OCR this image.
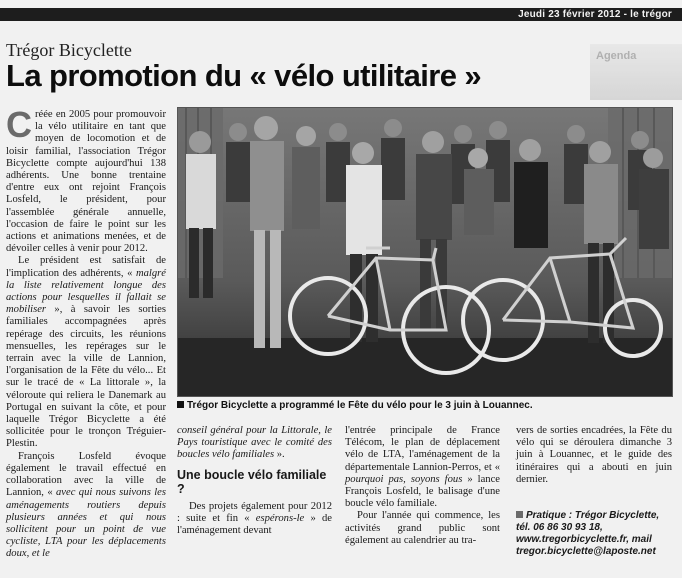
Jeudi 23 février 2012 - le trégor
Agenda
Trégor Bicyclette
La promotion du « vélo utilitaire »

Créée en 2005 pour promouvoir la vélo utilitaire en tant que moyen de locomotion et de loisir familial, l'association Trégor Bicyclette compte aujourd'hui 138 adhérents. Une bonne trentaine d'entre eux ont rejoint François Losfeld, le président, pour l'assemblée générale annuelle, l'occasion de faire le point sur les actions et animations menées, et de dévoiler celles à venir pour 2012.

Le président est satisfait de l'implication des adhérents, « malgré la liste relativement longue des actions pour lesquelles il fallait se mobiliser », à savoir les sorties familiales accompagnées après repérage des circuits, les réunions mensuelles, les repérages sur le terrain avec la ville de Lannion, l'organisation de la Fête du vélo... Et sur le tracé de « La littorale », la véloroute qui reliera le Danemark au Portugal en suivant la côte, et pour laquelle Trégor Bicyclette a été sollicitée pour le tronçon Tréguier-Plestin.

François Losfeld évoque également le travail effectué en collaboration avec la ville de Lannion, « avec qui nous suivons les aménagements routiers depuis plusieurs années et qui nous sollicitent pour un point de vue cycliste, LTA pour les déplacements doux, et le

Trégor Bicyclette a programmé le Fête du vélo pour le 3 juin à Louannec.

conseil général pour la Littorale, le Pays touristique avec le comité des boucles vélo familiales ».

Une boucle vélo familiale ?

Des projets également pour 2012 : suite et fin « espérons-le » de l'aménagement devant

l'entrée principale de France Télécom, le plan de déplacement vélo de LTA, l'aménagement de la départementale Lannion-Perros, et « pourquoi pas, soyons fous » lance François Losfeld, le balisage d'une boucle vélo familiale.

Pour l'année qui commence, les activités grand public sont également au calendrier au tra-

vers de sorties encadrées, la Fête du vélo qui se déroulera dimanche 3 juin à Louannec, et le guide des itinéraires qui a abouti en juin dernier.

Pratique : Trégor Bicyclette, tél. 06 86 30 93 18, www.tregorbicyclette.fr, mail tregor.bicyclette@laposte.net
